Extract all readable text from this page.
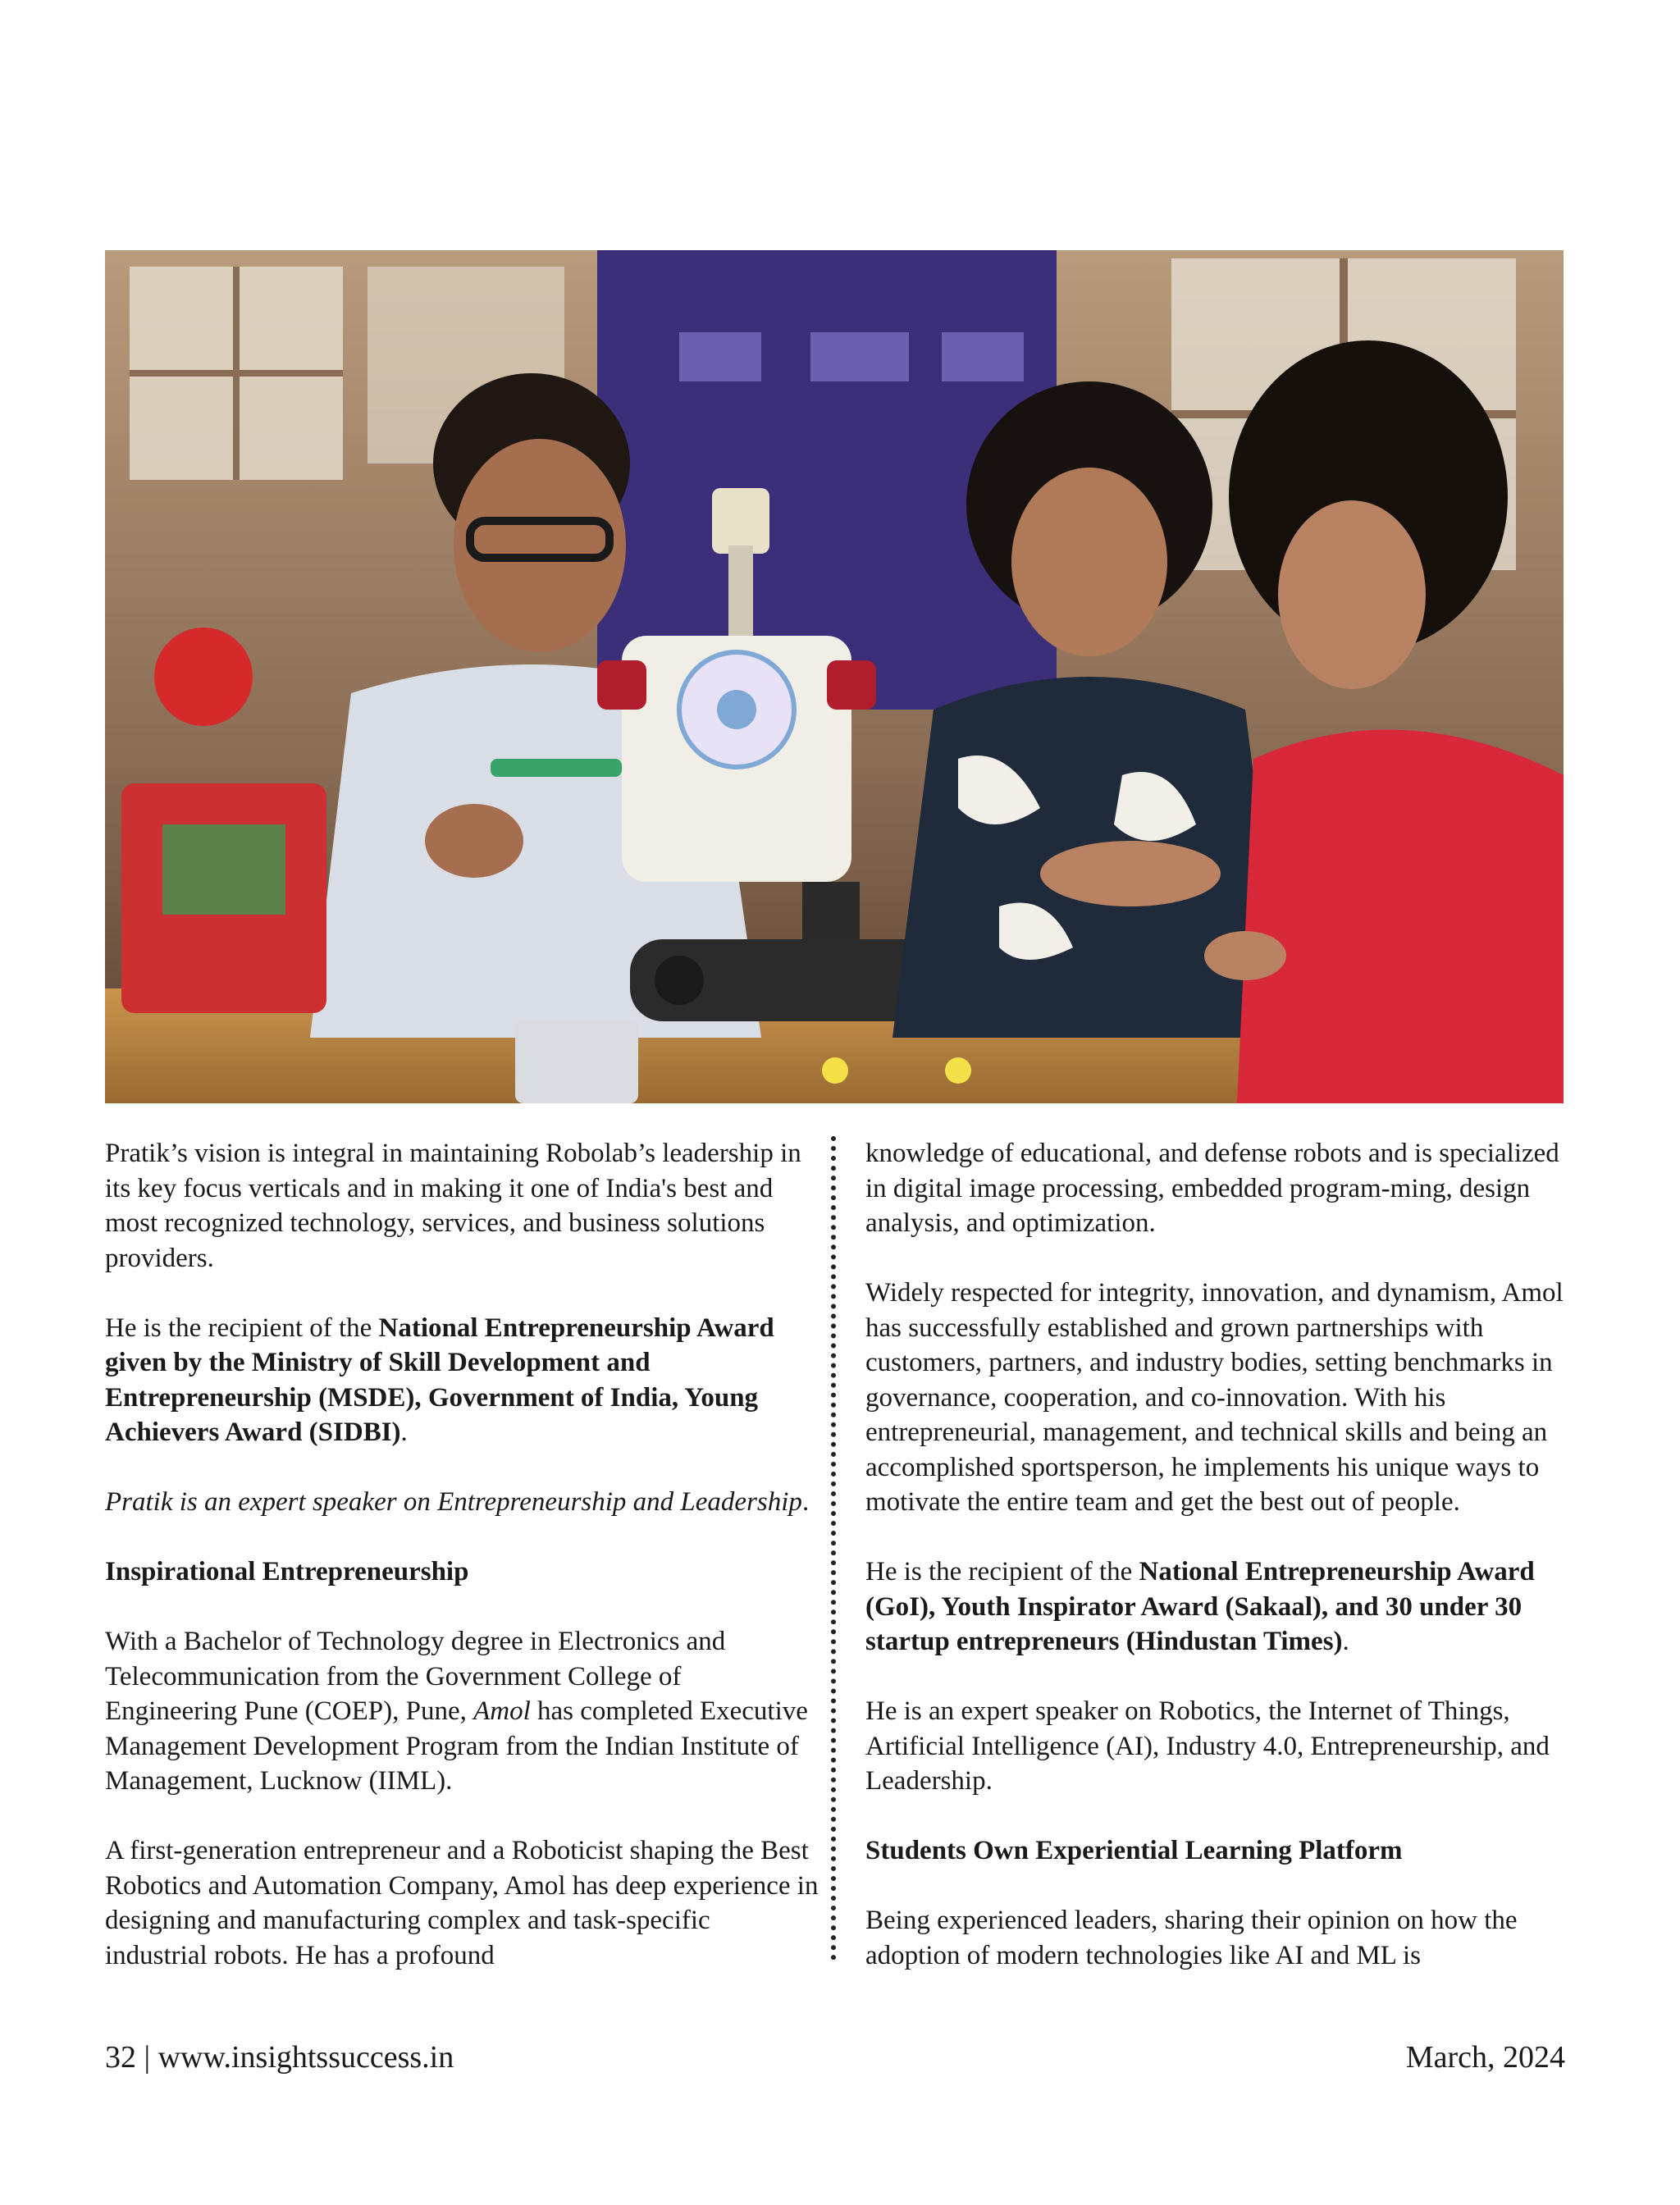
Pratik’s vision is integral in maintaining Robolab’s leadership in its key focus verticals and in making it one of India's best and most recognized technology, services, and business solutions providers.

He is the recipient of the National Entrepreneurship Award given by the Ministry of Skill Development and Entrepreneurship (MSDE), Government of India, Young Achievers Award (SIDBI).

Pratik is an expert speaker on Entrepreneurship and Leadership.

Inspirational Entrepreneurship

With a Bachelor of Technology degree in Electronics and Telecommunication from the Government College of Engineering Pune (COEP), Pune, Amol has completed Executive Management Development Program from the Indian Institute of Management, Lucknow (IIML).

A first-generation entrepreneur and a Roboticist shaping the Best Robotics and Automation Company, Amol has deep experience in designing and manufacturing complex and task-specific industrial robots. He has a profound

knowledge of educational, and defense robots and is specialized in digital image processing, embedded program-ming, design analysis, and optimization.

Widely respected for integrity, innovation, and dynamism, Amol has successfully established and grown partnerships with customers, partners, and industry bodies, setting benchmarks in governance, cooperation, and co-innovation. With his entrepreneurial, management, and technical skills and being an accomplished sportsperson, he implements his unique ways to motivate the entire team and get the best out of people.

He is the recipient of the National Entrepreneurship Award (GoI), Youth Inspirator Award (Sakaal), and 30 under 30 startup entrepreneurs (Hindustan Times).

He is an expert speaker on Robotics, the Internet of Things, Artificial Intelligence (AI), Industry 4.0, Entrepreneurship, and Leadership.

Students Own Experiential Learning Platform

Being experienced leaders, sharing their opinion on how the adoption of modern technologies like AI and ML is

32 | www.insightssuccess.in	March, 2024
